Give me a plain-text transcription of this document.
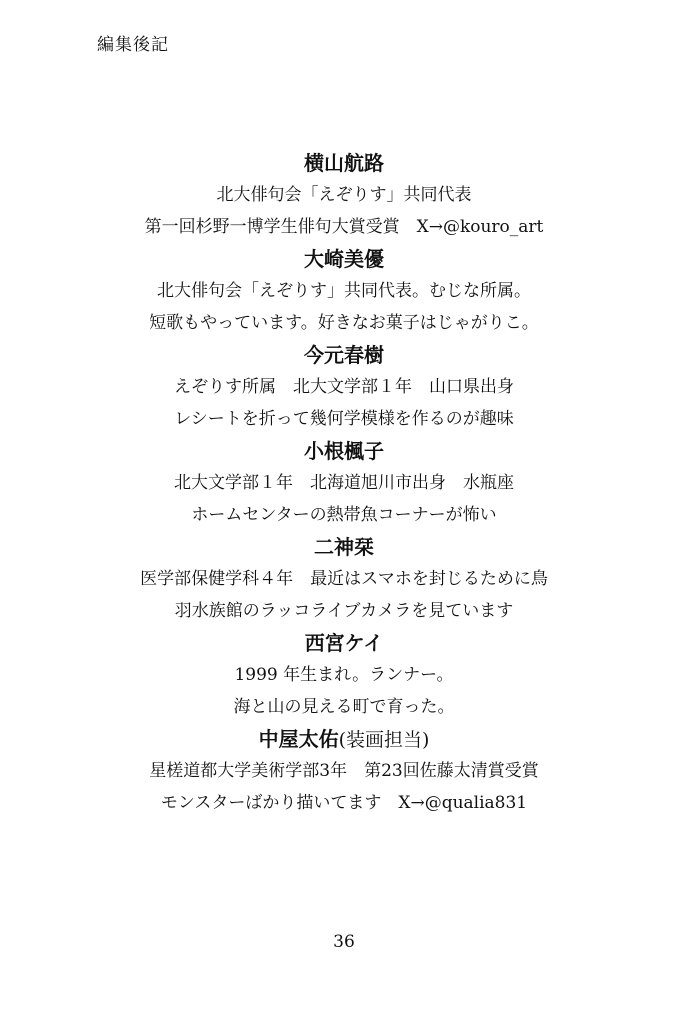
編集後記
横山航路
北大俳句会「えぞりす」共同代表
第一回杉野一博学生俳句大賞受賞　X→@kouro_art
大崎美優
北大俳句会「えぞりす」共同代表。むじな所属。
短歌もやっています。好きなお菓子はじゃがりこ。
今元春樹
えぞりす所属　北大文学部１年　山口県出身
レシートを折って幾何学模様を作るのが趣味
小根楓子
北大文学部１年　北海道旭川市出身　水瓶座
ホームセンターの熱帯魚コーナーが怖い
二神栞
医学部保健学科４年　最近はスマホを封じるために鳥
羽水族館のラッコライブカメラを見ています
西宮ケイ
1999 年生まれ。ランナー。
海と山の見える町で育った。
中屋太佑(装画担当)
星槎道都大学美術学部3年　第23回佐藤太清賞受賞
モンスターばかり描いてます　X→@qualia831
36
